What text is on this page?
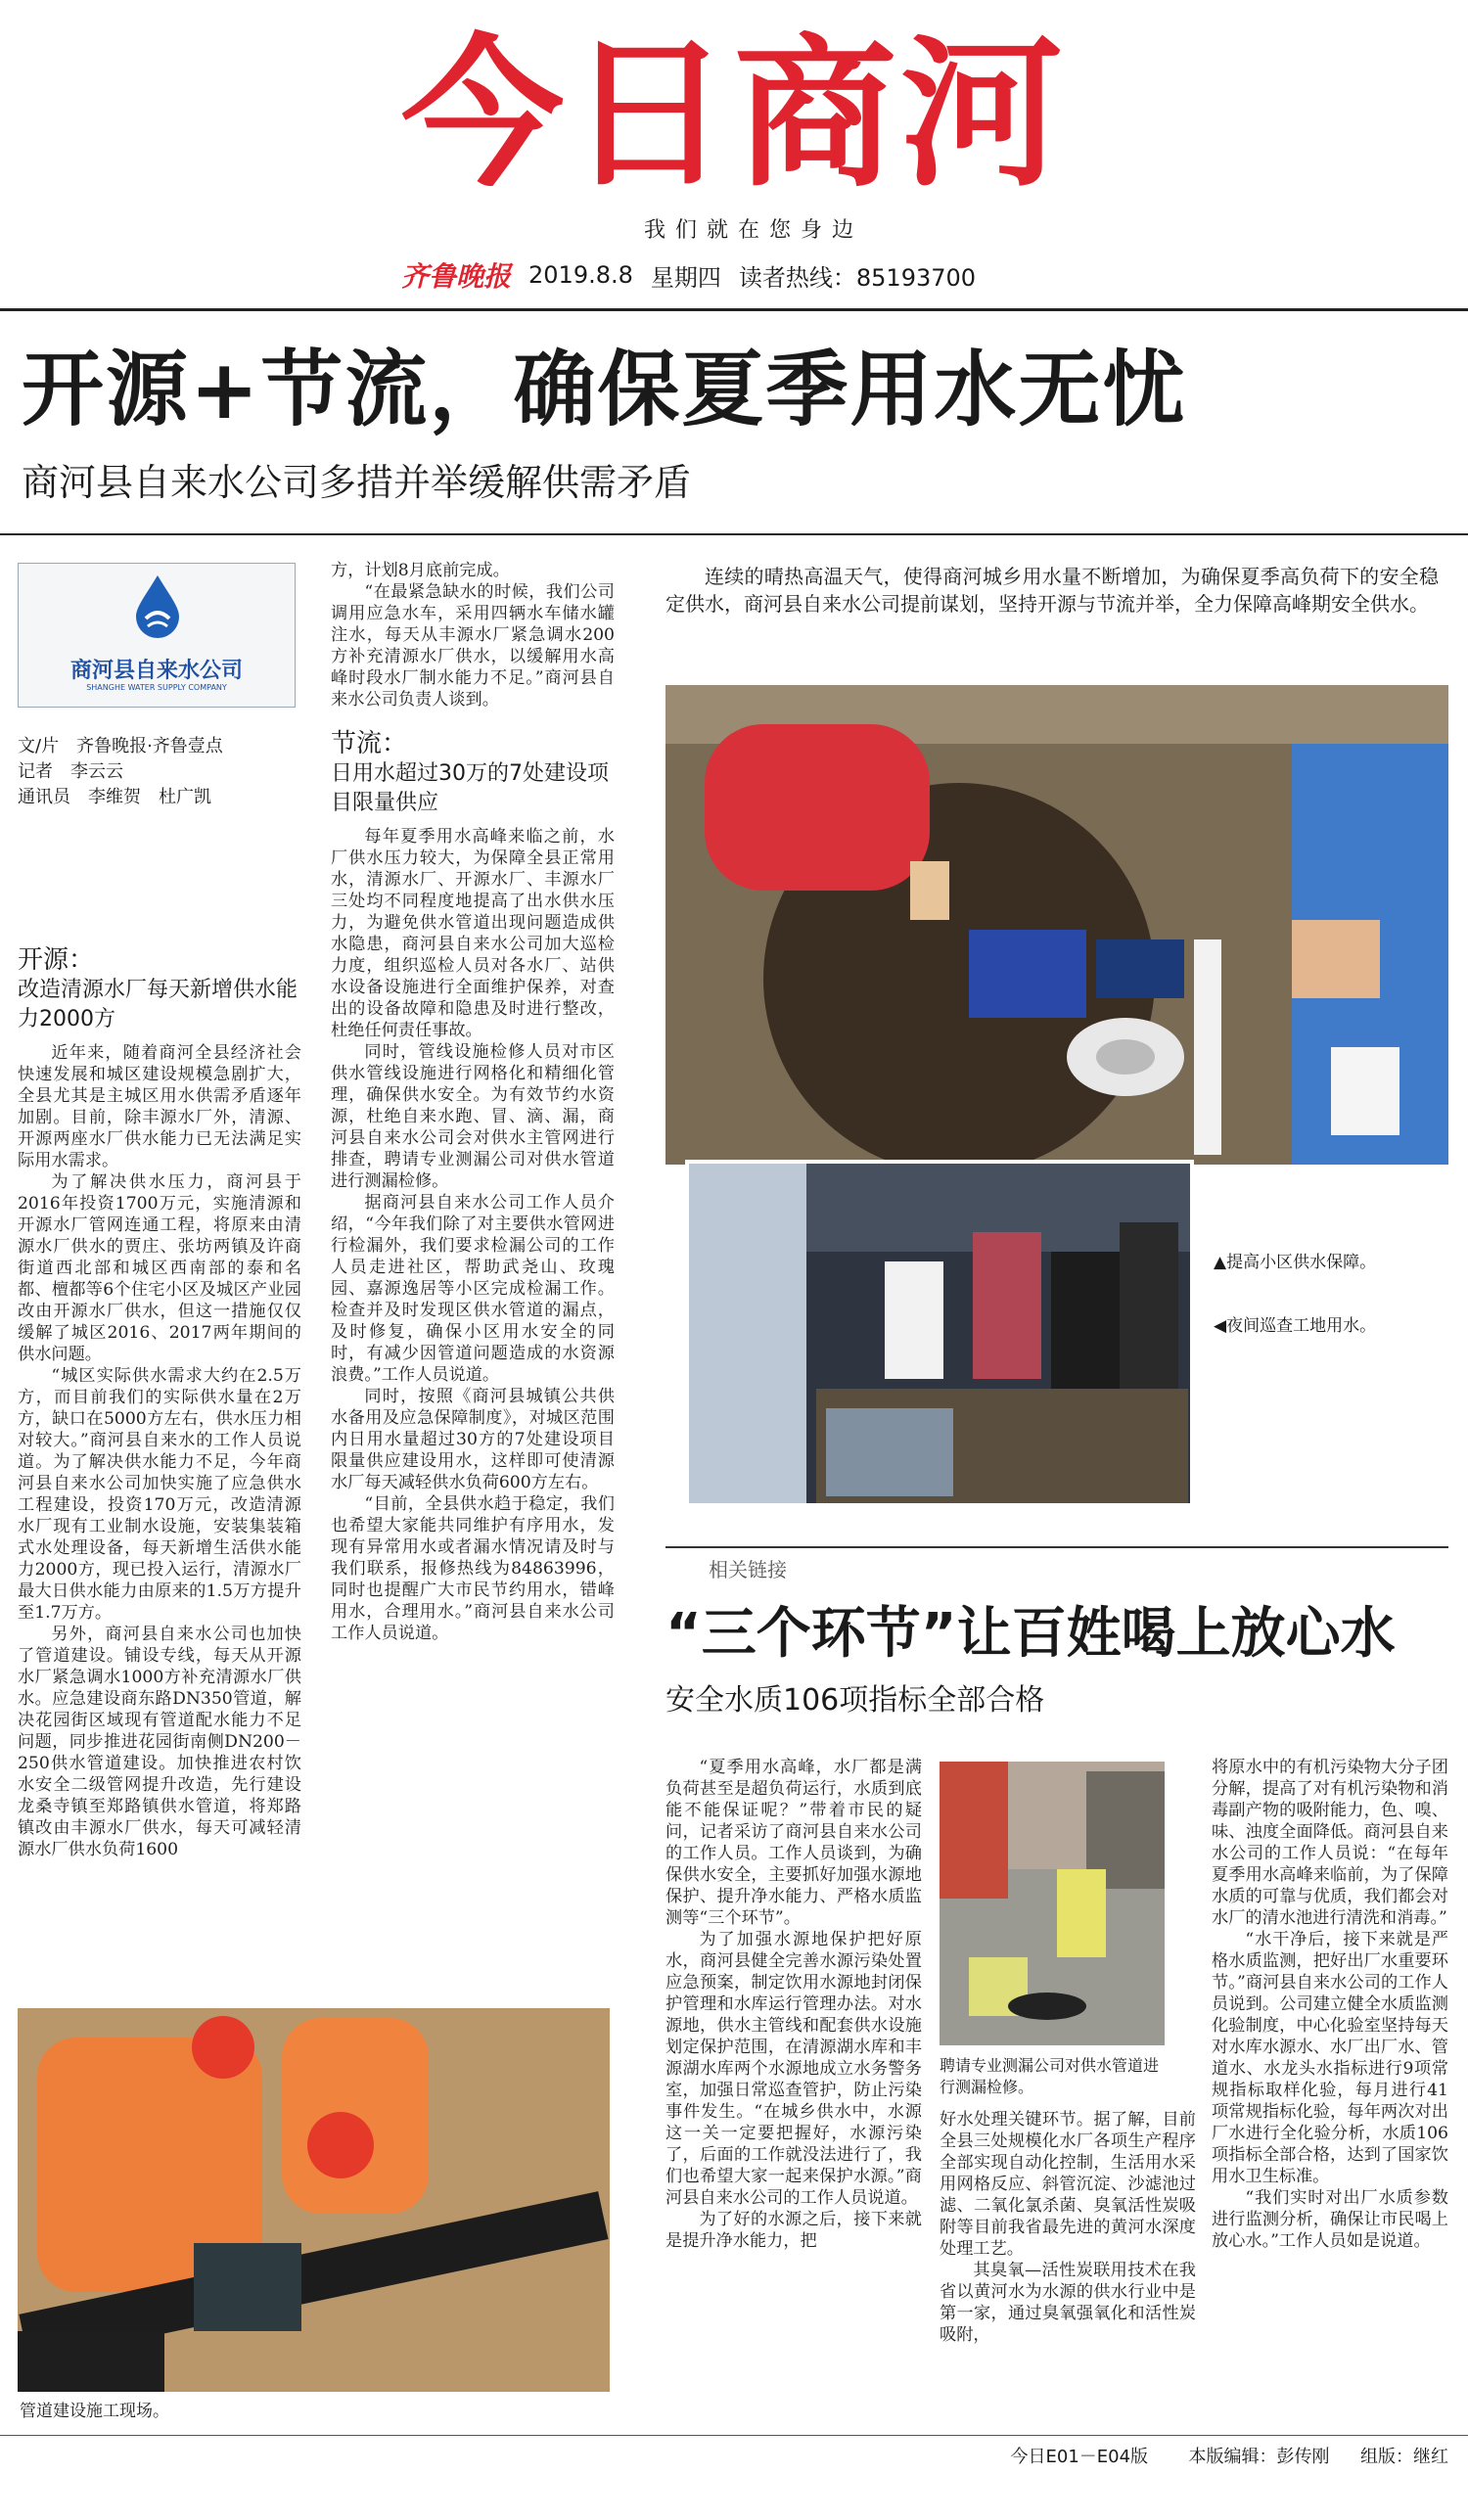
今日商河
我们就在您身边
齐鲁晚报 2019.8.8 星期四 读者热线：85193700
开源+节流，确保夏季用水无忧
商河县自来水公司多措并举缓解供需矛盾
商河县自来水公司
SHANGHE WATER SUPPLY COMPANY
文/片　齐鲁晚报·齐鲁壹点
记者　李云云
通讯员　李维贺　杜广凯
开源：
改造清源水厂每天新增供水能力2000方

近年来，随着商河全县经济社会快速发展和城区建设规模急剧扩大，全县尤其是主城区用水供需矛盾逐年加剧。目前，除丰源水厂外，清源、开源两座水厂供水能力已无法满足实际用水需求。

为了解决供水压力，商河县于2016年投资1700万元，实施清源和开源水厂管网连通工程，将原来由清源水厂供水的贾庄、张坊两镇及许商街道西北部和城区西南部的泰和名都、檀都等6个住宅小区及城区产业园改由开源水厂供水，但这一措施仅仅缓解了城区2016、2017两年期间的供水问题。

“城区实际供水需求大约在2.5万方，而目前我们的实际供水量在2万方，缺口在5000方左右，供水压力相对较大。”商河县自来水的工作人员说道。为了解决供水能力不足，今年商河县自来水公司加快实施了应急供水工程建设，投资170万元，改造清源水厂现有工业制水设施，安装集装箱式水处理设备，每天新增生活供水能力2000方，现已投入运行，清源水厂最大日供水能力由原来的1.5万方提升至1.7万方。

另外，商河县自来水公司也加快了管道建设。铺设专线，每天从开源水厂紧急调水1000方补充清源水厂供水。应急建设商东路DN350管道，解决花园街区域现有管道配水能力不足问题，同步推进花园街南侧DN200－250供水管道建设。加快推进农村饮水安全二级管网提升改造，先行建设龙桑寺镇至郑路镇供水管道，将郑路镇改由丰源水厂供水，每天可减轻清源水厂供水负荷1600

方，计划8月底前完成。

“在最紧急缺水的时候，我们公司调用应急水车，采用四辆水车储水罐注水，每天从丰源水厂紧急调水200方补充清源水厂供水，以缓解用水高峰时段水厂制水能力不足。”商河县自来水公司负责人谈到。

节流：
日用水超过30万的7处建设项目限量供应

每年夏季用水高峰来临之前，水厂供水压力较大，为保障全县正常用水，清源水厂、开源水厂、丰源水厂三处均不同程度地提高了出水供水压力，为避免供水管道出现问题造成供水隐患，商河县自来水公司加大巡检力度，组织巡检人员对各水厂、站供水设备设施进行全面维护保养，对查出的设备故障和隐患及时进行整改，杜绝任何责任事故。

同时，管线设施检修人员对市区供水管线设施进行网格化和精细化管理，确保供水安全。为有效节约水资源，杜绝自来水跑、冒、滴、漏，商河县自来水公司会对供水主管网进行排查，聘请专业测漏公司对供水管道进行测漏检修。

据商河县自来水公司工作人员介绍，“今年我们除了对主要供水管网进行检漏外，我们要求检漏公司的工作人员走进社区，帮助武尧山、玫瑰园、嘉源逸居等小区完成检漏工作。检查并及时发现区供水管道的漏点，及时修复，确保小区用水安全的同时，有减少因管道问题造成的水资源浪费。”工作人员说道。

同时，按照《商河县城镇公共供水备用及应急保障制度》，对城区范围内日用水量超过30方的7处建设项目限量供应建设用水，这样即可使清源水厂每天减轻供水负荷600方左右。

“目前，全县供水趋于稳定，我们也希望大家能共同维护有序用水，发现有异常用水或者漏水情况请及时与我们联系，报修热线为84863996，同时也提醒广大市民节约用水，错峰用水，合理用水。”商河县自来水公司工作人员说道。

连续的晴热高温天气，使得商河城乡用水量不断增加，为确保夏季高负荷下的安全稳定供水，商河县自来水公司提前谋划，坚持开源与节流并举，全力保障高峰期安全供水。
▲提高小区供水保障。
◀夜间巡查工地用水。
相关链接
“三个环节”让百姓喝上放心水
安全水质106项指标全部合格

“夏季用水高峰，水厂都是满负荷甚至是超负荷运行，水质到底能不能保证呢？”带着市民的疑问，记者采访了商河县自来水公司的工作人员。工作人员谈到，为确保供水安全，主要抓好加强水源地保护、提升净水能力、严格水质监测等“三个环节”。

为了加强水源地保护把好原水，商河县健全完善水源污染处置应急预案，制定饮用水源地封闭保护管理和水库运行管理办法。对水源地，供水主管线和配套供水设施划定保护范围，在清源湖水库和丰源湖水库两个水源地成立水务警务室，加强日常巡查管护，防止污染事件发生。“在城乡供水中，水源这一关一定要把握好，水源污染了，后面的工作就没法进行了，我们也希望大家一起来保护水源。”商河县自来水公司的工作人员说道。

为了好的水源之后，接下来就是提升净水能力，把

聘请专业测漏公司对供水管道进行测漏检修。

好水处理关键环节。据了解，目前全县三处规模化水厂各项生产程序全部实现自动化控制，生活用水采用网格反应、斜管沉淀、沙滤池过滤、二氧化氯杀菌、臭氧活性炭吸附等目前我省最先进的黄河水深度处理工艺。

其臭氧—活性炭联用技术在我省以黄河水为水源的供水行业中是第一家，通过臭氧强氧化和活性炭吸附，

将原水中的有机污染物大分子团分解，提高了对有机污染物和消毒副产物的吸附能力，色、嗅、味、浊度全面降低。商河县自来水公司的工作人员说：“在每年夏季用水高峰来临前，为了保障水质的可靠与优质，我们都会对水厂的清水池进行清洗和消毒。”

“水干净后，接下来就是严格水质监测，把好出厂水重要环节。”商河县自来水公司的工作人员说到。公司建立健全水质监测化验制度，中心化验室坚持每天对水库水源水、水厂出厂水、管道水、水龙头水指标进行9项常规指标取样化验，每月进行41项常规指标化验，每年两次对出厂水进行全化验分析，水质106项指标全部合格，达到了国家饮用水卫生标准。

“我们实时对出厂水质参数进行监测分析，确保让市民喝上放心水。”工作人员如是说道。

管道建设施工现场。
今日E01－E04版 本版编辑：彭传刚 组版：继红
